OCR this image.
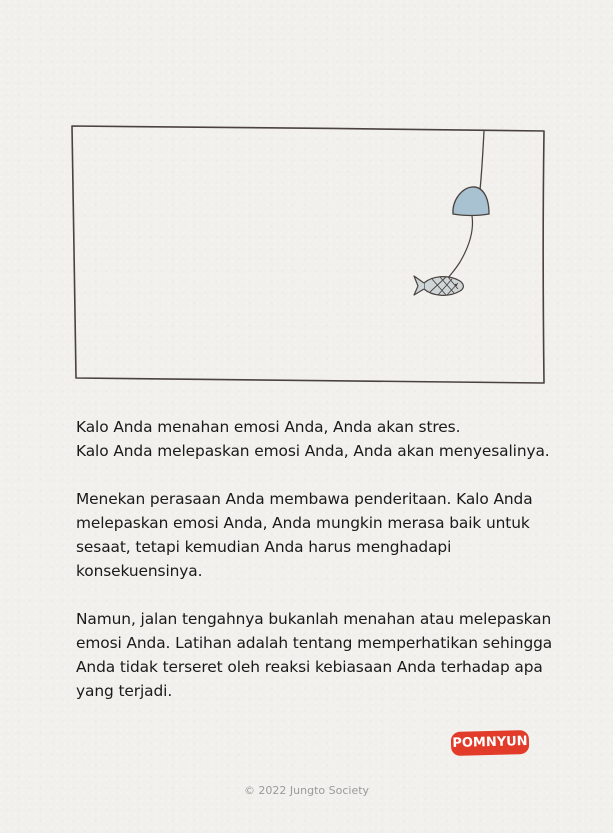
Kalo Anda menahan emosi Anda, Anda akan stres.
Kalo Anda melepaskan emosi Anda, Anda akan menyesalinya.

Menekan perasaan Anda membawa penderitaan. Kalo Anda
melepaskan emosi Anda, Anda mungkin merasa baik untuk
sesaat, tetapi kemudian Anda harus menghadapi
konsekuensinya.

Namun, jalan tengahnya bukanlah menahan atau melepaskan
emosi Anda. Latihan adalah tentang memperhatikan sehingga
Anda tidak terseret oleh reaksi kebiasaan Anda terhadap apa
yang terjadi.

POMNYUN
© 2022 Jungto Society
